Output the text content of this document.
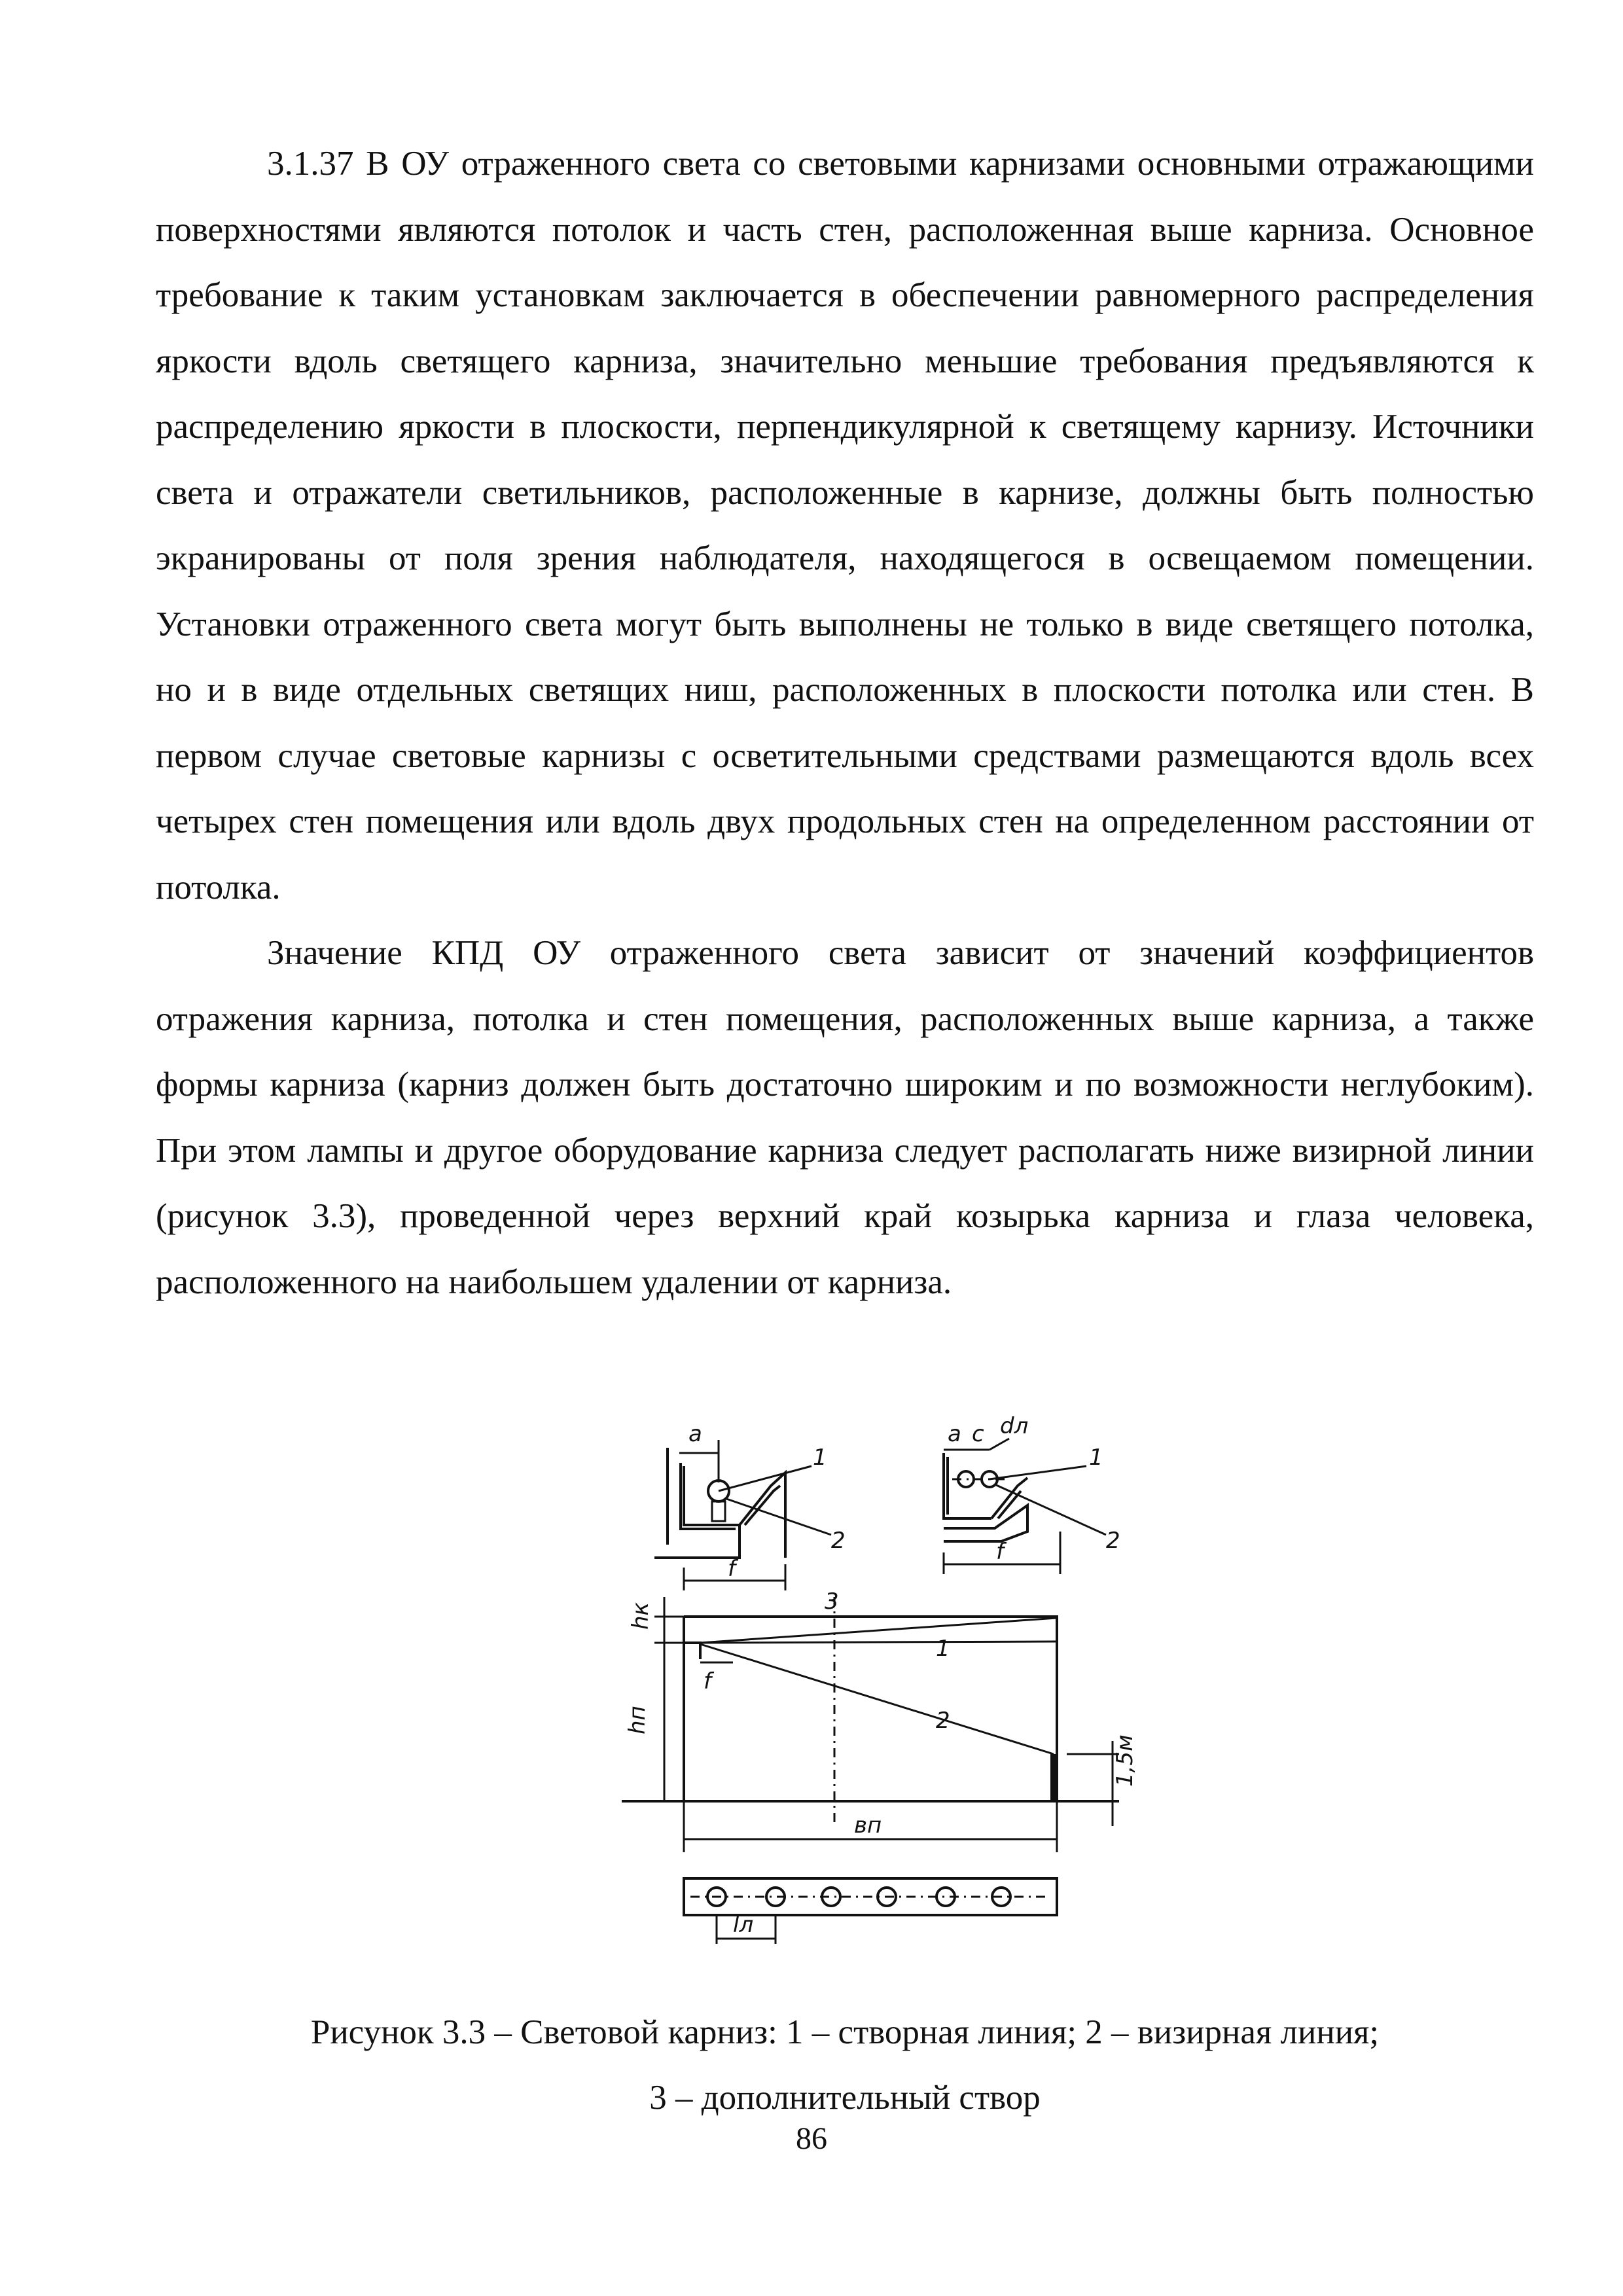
3.1.37 В ОУ отраженного света со световыми карнизами основными отражающими поверхностями являются потолок и часть стен, расположенная выше карниза. Основное требование к таким установкам заключается в обеспечении равномерного распределения яркости вдоль светящего карниза, значительно меньшие требования предъявляются к распределению яркости в плоскости, перпендикулярной к светящему карнизу. Источники света и отражатели светильников, расположенные в карнизе, должны быть полностью экранированы от поля зрения наблюдателя, находящегося в освещаемом помещении. Установки отраженного света могут быть выполнены не только в виде светящего потолка, но и в виде отдельных светящих ниш, расположенных в плоскости потолка или стен. В первом случае световые карнизы с осветительными средствами размещаются вдоль всех четырех стен помещения или вдоль двух продольных стен на определенном расстоянии от потолка.

Значение КПД ОУ отраженного света зависит от значений коэффициентов отражения карниза, потолка и стен помещения, расположенных выше карниза, а также формы карниза (карниз должен быть достаточно широким и по возможности неглубоким). При этом лампы и другое оборудование карниза следует располагать ниже визирной линии (рисунок 3.3), проведенной через верхний край козырька карниза и глаза человека, расположенного на наибольшем удалении от карниза.

a
1
2
f
a c dл
1
2
f
3
1
2
hк
hп
f
1,5м
вп
lл
Рисунок 3.3 – Световой карниз: 1 – створная линия; 2 – визирная линия;
3 – дополнительный створ
86
